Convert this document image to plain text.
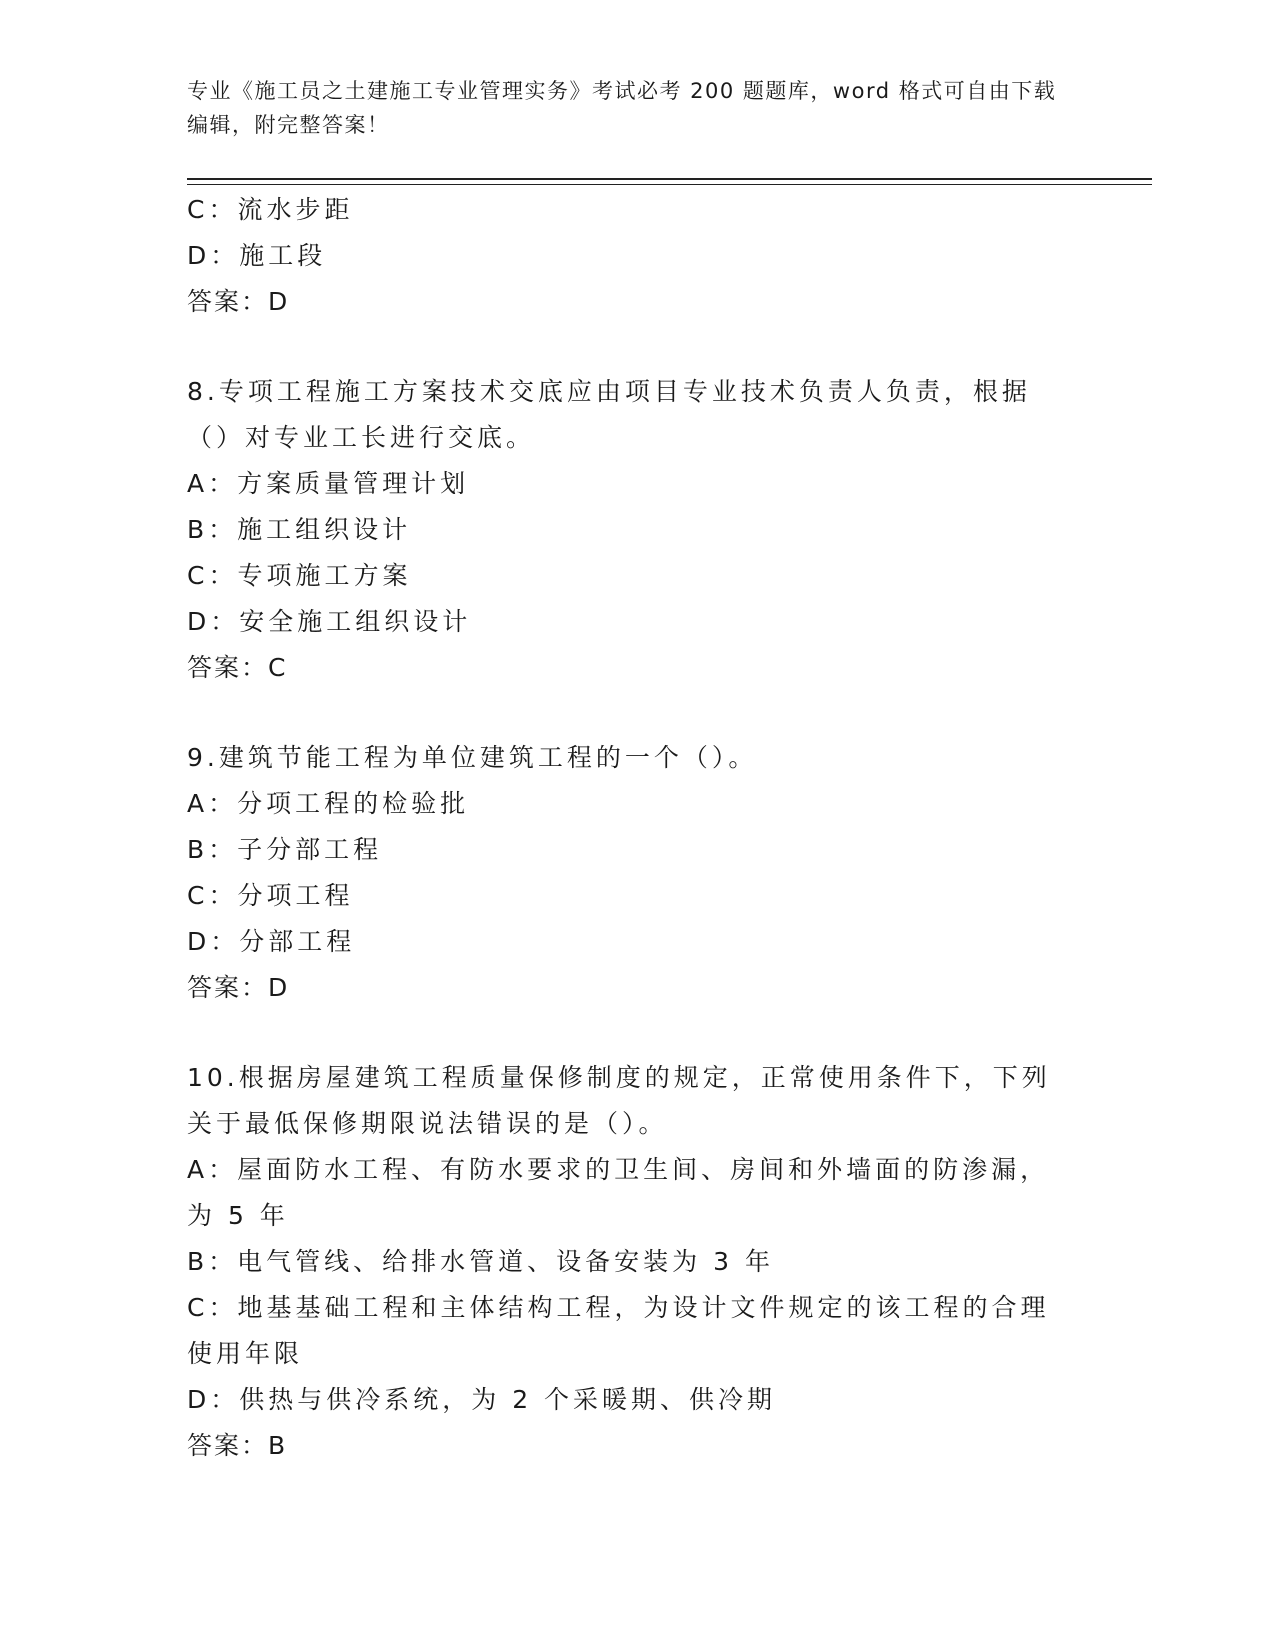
专业《施工员之土建施工专业管理实务》考试必考 200 题题库，word 格式可自由下载编辑，附完整答案！
C：流水步距
D：施工段
答案：D
8.专项工程施工方案技术交底应由项目专业技术负责人负责，根据（）对专业工长进行交底。
A：方案质量管理计划
B：施工组织设计
C：专项施工方案
D：安全施工组织设计
答案：C
9.建筑节能工程为单位建筑工程的一个（）。
A：分项工程的检验批
B：子分部工程
C：分项工程
D：分部工程
答案：D
10.根据房屋建筑工程质量保修制度的规定，正常使用条件下，下列关于最低保修期限说法错误的是（）。
A：屋面防水工程、有防水要求的卫生间、房间和外墙面的防渗漏，为 5 年
B：电气管线、给排水管道、设备安装为 3 年
C：地基基础工程和主体结构工程，为设计文件规定的该工程的合理使用年限
D：供热与供冷系统，为 2 个采暖期、供冷期
答案：B
